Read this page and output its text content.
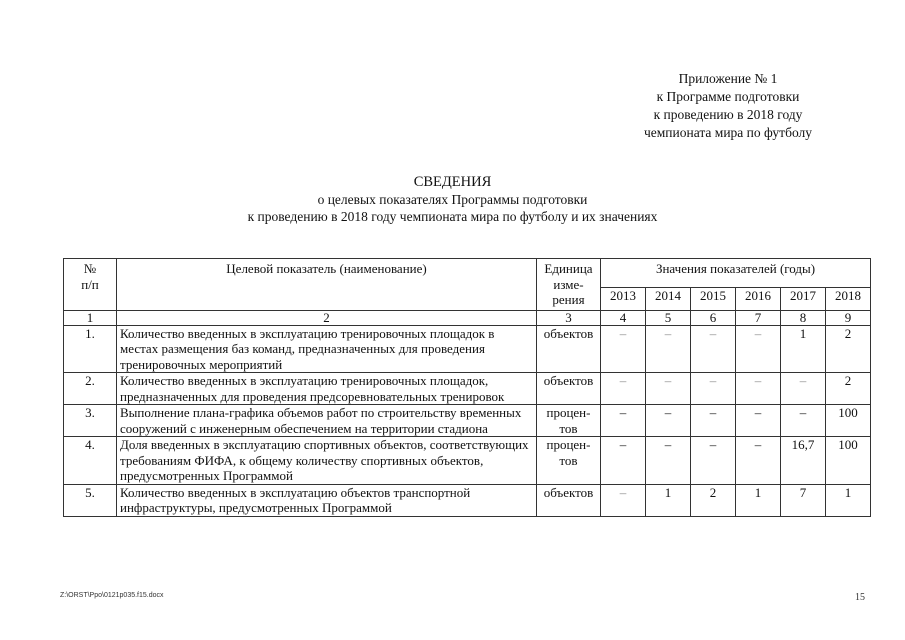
Приложение № 1
к Программе подготовки
к проведению в 2018 году
чемпионата мира по футболу
СВЕДЕНИЯ
о целевых показателях Программы подготовки
к проведению в 2018 году чемпионата мира по футболу и их значениях
№ п/п	Целевой показатель (наименование)	Единица изме-рения	Значения показателей (годы)					
			2013	2014	2015	2016	2017	2018
1	2	3	4	5	6	7	8	9
1.	Количество введенных в эксплуатацию тренировочных площадок в местах размещения баз команд, предназначенных для проведения тренировочных мероприятий	объектов	–	–	–	–	1	2
2.	Количество введенных в эксплуатацию тренировочных площадок, предназначенных для проведения предсоревновательных тренировок	объектов	–	–	–	–	–	2
3.	Выполнение плана-графика объемов работ по строительству временных сооружений с инженерным обеспечением на территории стадиона	процен-тов	–	–	–	–	–	100
4.	Доля введенных в эксплуатацию спортивных объектов, соответствующих требованиям ФИФА, к общему количеству спортивных объектов, предусмотренных Программой	процен-тов	–	–	–	–	16,7	100
5.	Количество введенных в эксплуатацию объектов транспортной инфраструктуры, предусмотренных Программой	объектов	–	1	2	1	7	1
Z:\ORST\Ppo\0121p035.f15.docx	15
